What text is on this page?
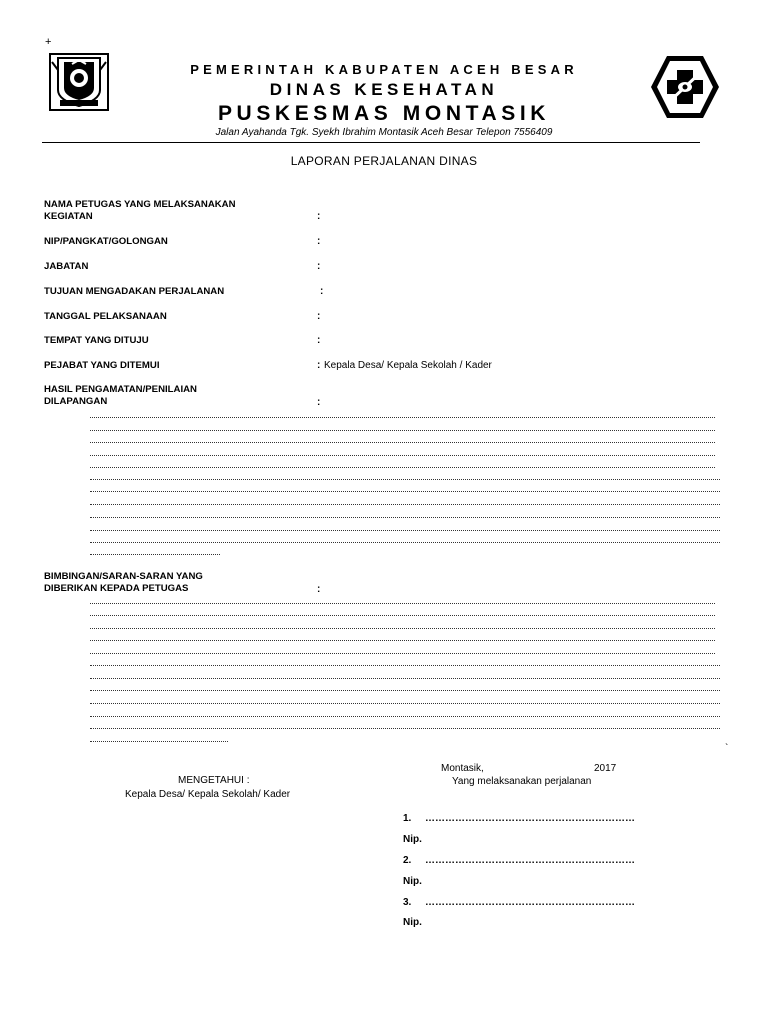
+
PEMERINTAH KABUPATEN ACEH BESAR
DINAS KESEHATAN
PUSKESMAS MONTASIK
Jalan Ayahanda Tgk. Syekh Ibrahim Montasik Aceh Besar Telepon 7556409
LAPORAN PERJALANAN DINAS
NAMA PETUGAS YANG MELAKSANAKAN
KEGIATAN	:
NIP/PANGKAT/GOLONGAN	:
JABATAN	:
TUJUAN MENGADAKAN PERJALANAN	:
TANGGAL PELAKSANAAN	:
TEMPAT YANG DITUJU	:
PEJABAT YANG DITEMUI	: Kepala Desa/ Kepala Sekolah / Kader
HASIL PENGAMATAN/PENILAIAN
DILAPANGAN	:
BIMBINGAN/SARAN-SARAN YANG
DIBERIKAN KEPADA PETUGAS	:
`
Montasik,	2017
Yang melaksanakan perjalanan
MENGETAHUI :
Kepala Desa/ Kepala Sekolah/ Kader
1. ………………………………………………………
Nip.
2. ………………………………………………………
Nip.
3. ………………………………………………………
Nip.
